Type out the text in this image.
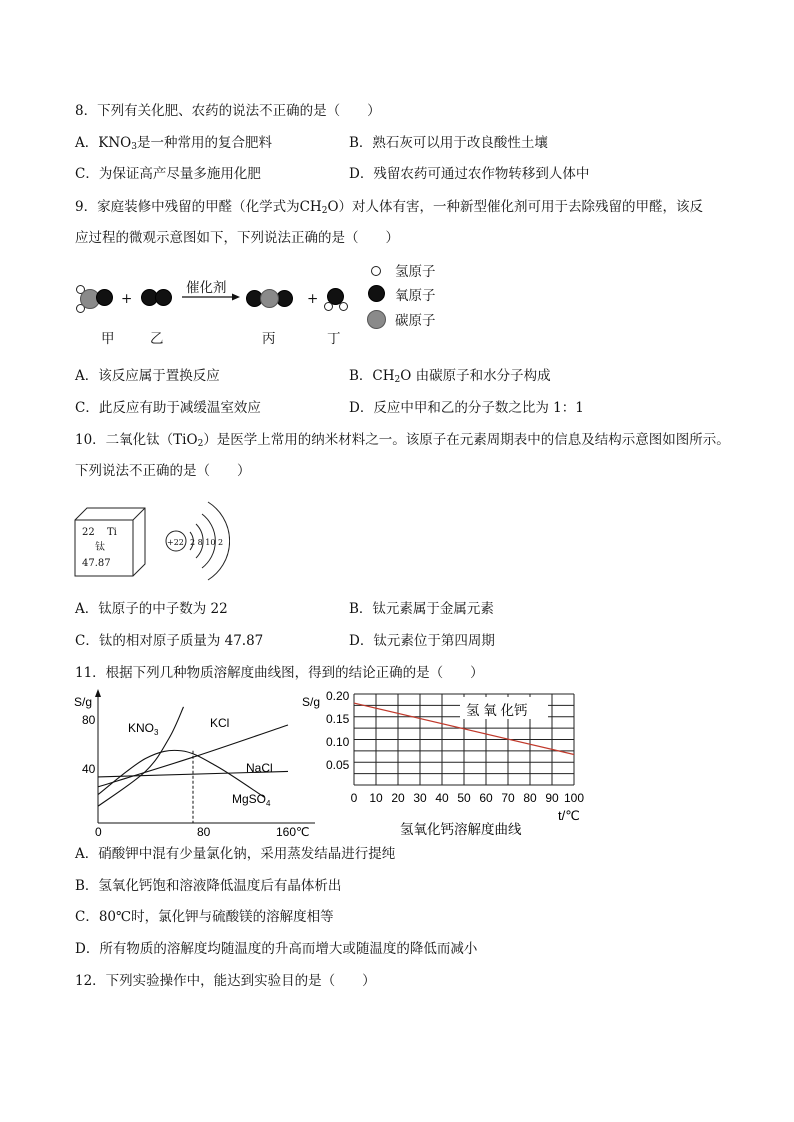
8．下列有关化肥、农药的说法不正确的是（　　）
A．$KNO_3$是一种常用的复合肥料	B．熟石灰可以用于改良酸性土壤
C．为保证高产尽量多施用化肥	D．残留农药可通过农作物转移到人体中
9．家庭装修中残留的甲醛（化学式为$CH_2O$）对人体有害，一种新型催化剂可用于去除残留的甲醛，该反
应过程的微观示意图如下，下列说法正确的是（　　）
+
催化剂
+
甲	乙	丙	丁
氢原子
氧原子
碳原子
A．该反应属于置换反应	B．$CH_2O$ 由碳原子和水分子构成
C．此反应有助于减缓温室效应	D．反应中甲和乙的分子数之比为 1：1
10．二氧化钛（TiO$_2$）是医学上常用的纳米材料之一。该原子在元素周期表中的信息及结构示意图如图所示。
下列说法不正确的是（　　）
22 Ti
钛
47.87
+22 2 8 10 2
A．钛原子的中子数为 22	B．钛元素属于金属元素
C．钛的相对原子质量为 47.87	D．钛元素位于第四周期
11．根据下列几种物质溶解度曲线图，得到的结论正确的是（　　）
S/g
80
40
0	80	160℃
$KNO_3$
KCl
NaCl
MgSO$_4$
S/g 0.20
0.15
0.10
0.05
0 10 20 30 40 50 60 70 80 90 100
氢 氧 化钙
t/℃
氢氧化钙溶解度曲线
A．硝酸钾中混有少量氯化钠，采用蒸发结晶进行提纯
B．氢氧化钙饱和溶液降低温度后有晶体析出
C．80℃时，氯化钾与硫酸镁的溶解度相等
D．所有物质的溶解度均随温度的升高而增大或随温度的降低而减小
12．下列实验操作中，能达到实验目的是（　　）
